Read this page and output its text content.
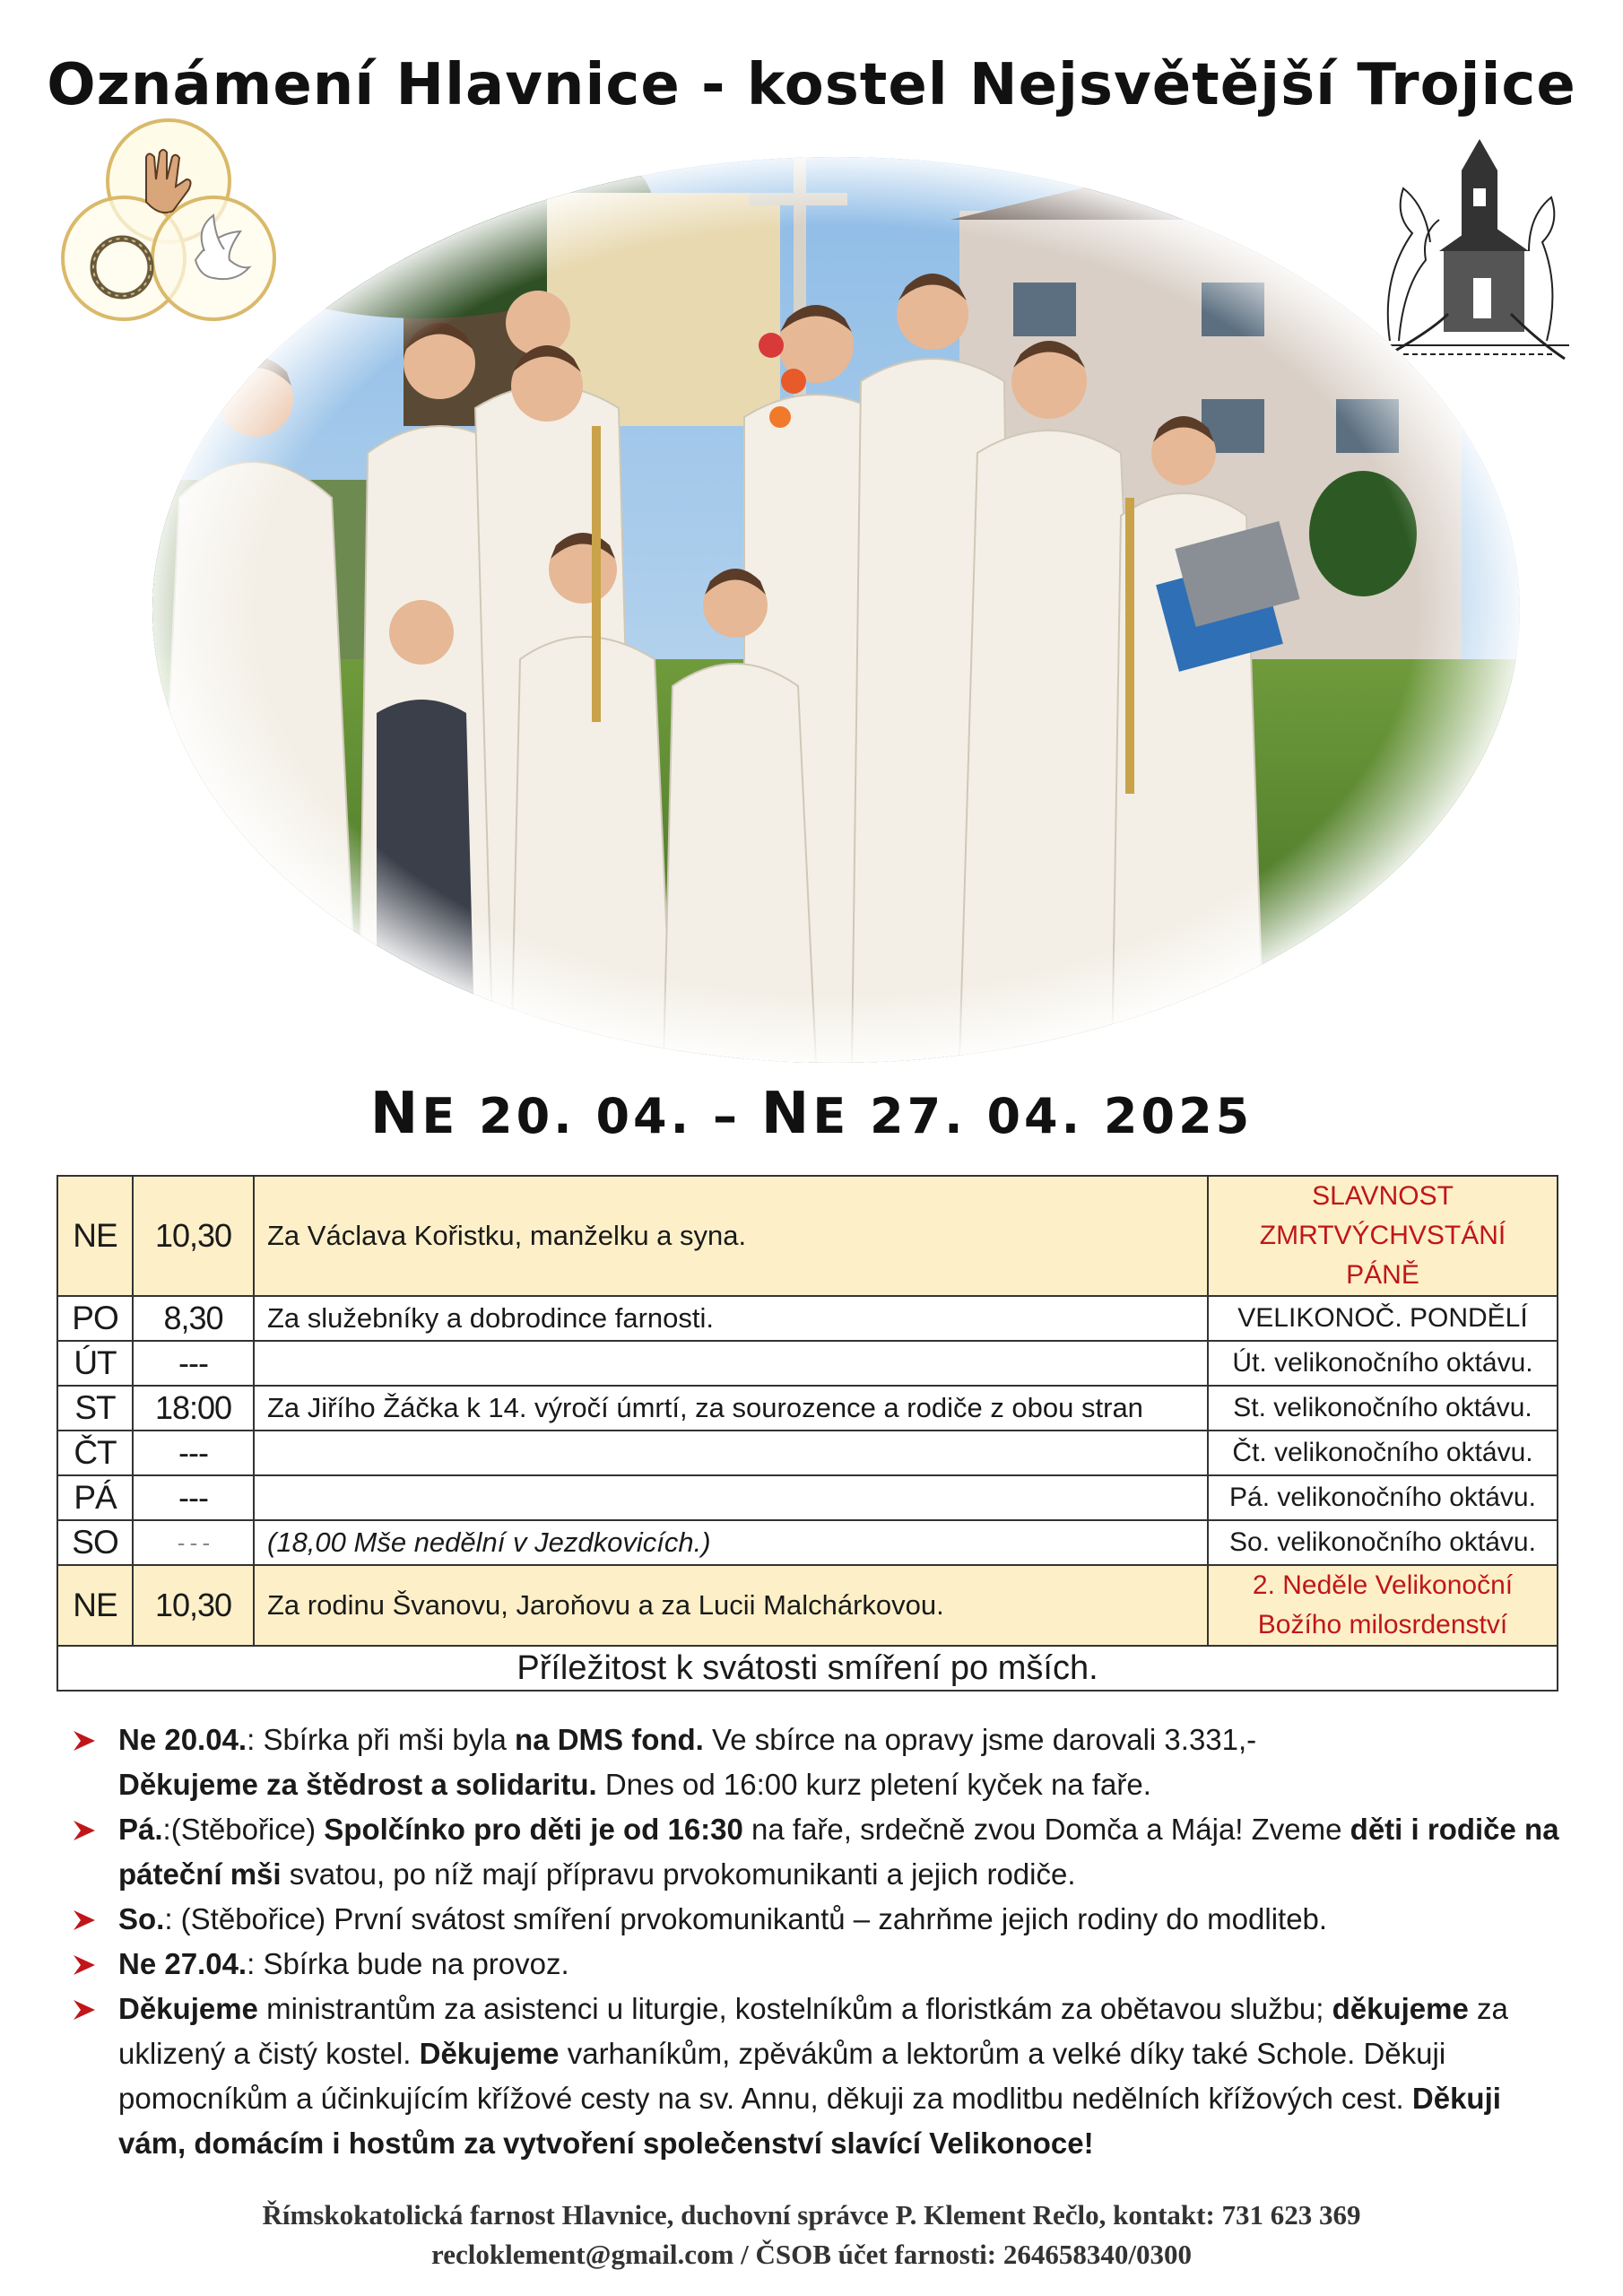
Oznámení Hlavnice - kostel Nejsvětější Trojice
NE 20. 04. – NE 27. 04. 2025
NE	10,30	Za Václava Kořistku, manželku a syna.	SLAVNOST ZMRTVÝCHVSTÁNÍ PÁNĚ
PO	8,30	Za služebníky a dobrodince farnosti.	VELIKONOČ. PONDĚLÍ
ÚT	---		Út. velikonočního oktávu.
ST	18:00	Za Jiřího Žáčka k 14. výročí úmrtí, za sourozence a rodiče z obou stran	St. velikonočního oktávu.
ČT	---		Čt. velikonočního oktávu.
PÁ	---		Pá. velikonočního oktávu.
SO	- - -	(18,00 Mše nedělní v Jezdkovicích.)	So. velikonočního oktávu.
NE	10,30	Za rodinu Švanovu, Jaroňovu a za Lucii Malchárkovou.	2. Neděle Velikonoční Božího milosrdenství
Příležitost k svátosti smíření po mších.			
Ne 20.04.: Sbírka při mši byla na DMS fond. Ve sbírce na opravy jsme darovali 3.331,-
Děkujeme za štědrost a solidaritu. Dnes od 16:00 kurz pletení kyček na faře.
Pá.:(Stěbořice) Spolčínko pro děti je od 16:30 na faře, srdečně zvou Domča a Mája! Zveme děti i rodiče na páteční mši svatou, po níž mají přípravu prvokomunikanti a jejich rodiče.
So.: (Stěbořice) První svátost smíření prvokomunikantů – zahrňme jejich rodiny do modliteb.
Ne 27.04.: Sbírka bude na provoz.
Děkujeme ministrantům za asistenci u liturgie, kostelníkům a floristkám za obětavou službu; děkujeme za uklizený a čistý kostel. Děkujeme varhaníkům, zpěvákům a lektorům a velké díky také Schole. Děkuji pomocníkům a účinkujícím křížové cesty na sv. Annu, děkuji za modlitbu nedělních křížových cest. Děkuji vám, domácím i hostům za vytvoření společenství slavící Velikonoce!
Římskokatolická farnost Hlavnice, duchovní správce P. Klement Rečlo, kontakt: 731 623 369
recloklement@gmail.com / ČSOB účet farnosti: 264658340/0300
